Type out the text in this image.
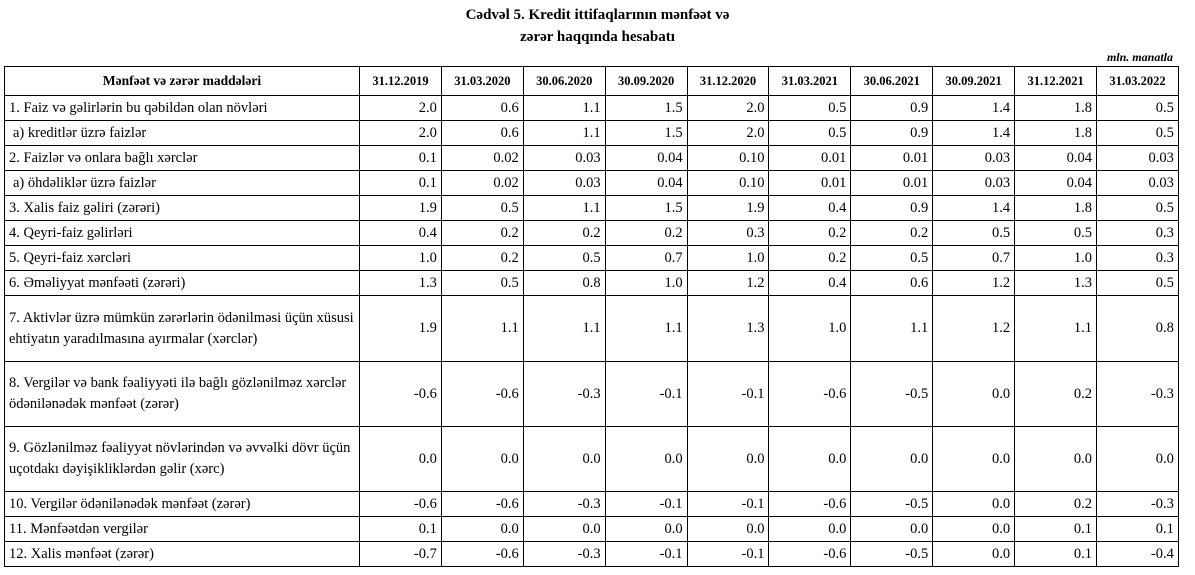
Cədvəl 5. Kredit ittifaqlarının mənfəət və
zərər haqqında hesabatı
mln. manatla
Mənfəət və zərər maddələri	31.12.2019	31.03.2020	30.06.2020	30.09.2020	31.12.2020	31.03.2021	30.06.2021	30.09.2021	31.12.2021	31.03.2022
1. Faiz və gəlirlərin bu qəbildən olan növləri	2.0	0.6	1.1	1.5	2.0	0.5	0.9	1.4	1.8	0.5
a) kreditlər üzrə faizlər	2.0	0.6	1.1	1.5	2.0	0.5	0.9	1.4	1.8	0.5
2. Faizlər və onlara bağlı xərclər	0.1	0.02	0.03	0.04	0.10	0.01	0.01	0.03	0.04	0.03
a) öhdəliklər üzrə faizlər	0.1	0.02	0.03	0.04	0.10	0.01	0.01	0.03	0.04	0.03
3. Xalis faiz gəliri (zərəri)	1.9	0.5	1.1	1.5	1.9	0.4	0.9	1.4	1.8	0.5
4. Qeyri-faiz gəlirləri	0.4	0.2	0.2	0.2	0.3	0.2	0.2	0.5	0.5	0.3
5. Qeyri-faiz xərcləri	1.0	0.2	0.5	0.7	1.0	0.2	0.5	0.7	1.0	0.3
6. Əməliyyat mənfəəti (zərəri)	1.3	0.5	0.8	1.0	1.2	0.4	0.6	1.2	1.3	0.5
7. Aktivlər üzrə mümkün zərərlərin ödənilməsi üçün xüsusi ehtiyatın yaradılmasına ayırmalar (xərclər)	1.9	1.1	1.1	1.1	1.3	1.0	1.1	1.2	1.1	0.8
8. Vergilər və bank fəaliyyəti ilə bağlı gözlənilməz xərclər ödənilənədək mənfəət (zərər)	-0.6	-0.6	-0.3	-0.1	-0.1	-0.6	-0.5	0.0	0.2	-0.3
9. Gözlənilməz fəaliyyət növlərindən və əvvəlki dövr üçün uçotdakı dəyişikliklərdən gəlir (xərc)	0.0	0.0	0.0	0.0	0.0	0.0	0.0	0.0	0.0	0.0
10. Vergilər ödənilənədək mənfəət (zərər)	-0.6	-0.6	-0.3	-0.1	-0.1	-0.6	-0.5	0.0	0.2	-0.3
11. Mənfəətdən vergilər	0.1	0.0	0.0	0.0	0.0	0.0	0.0	0.0	0.1	0.1
12. Xalis mənfəət (zərər)	-0.7	-0.6	-0.3	-0.1	-0.1	-0.6	-0.5	0.0	0.1	-0.4
